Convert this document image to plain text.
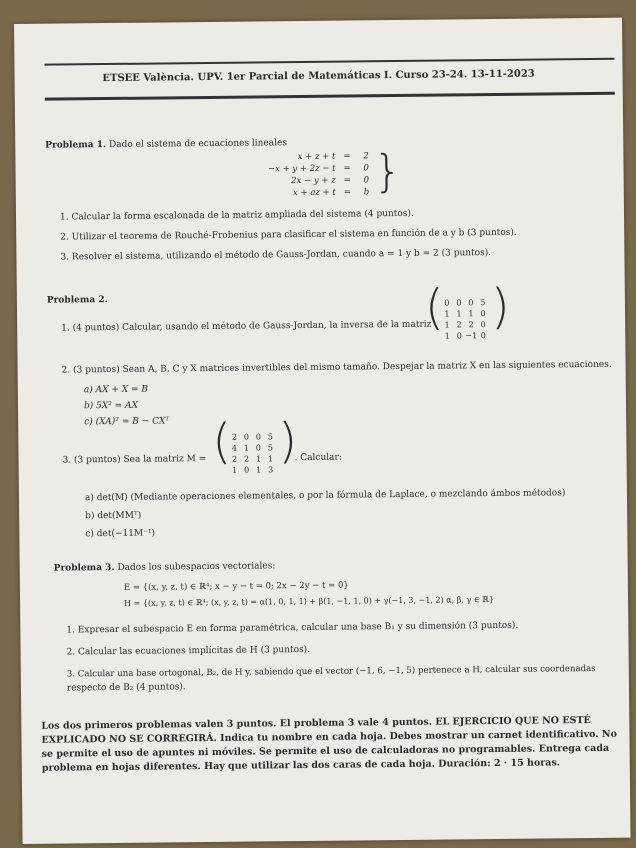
ETSEE València. UPV. 1er Parcial de Matemáticas I. Curso 23-24. 13-11-2023
Problema 1. Dado el sistema de ecuaciones lineales
x + z + t
−x + y + 2z − t
2x − y + z
x + az + t
=
=
=
=
2
0
0
b }
1. Calcular la forma escalonada de la matriz ampliada del sistema (4 puntos).
2. Utilizar el teorema de Rouché-Frobenius para clasificar el sistema en función de a y b (3 puntos).
3. Resolver el sistema, utilizando el método de Gauss-Jordan, cuando a = 1 y b = 2 (3 puntos).
Problema 2.
1. (4 puntos) Calcular, usando el método de Gauss-Jordan, la inversa de la matriz
( 0 0 0 5
1 1 1 0
1 2 2 0
1 0 −1 0
)
2. (3 puntos) Sean A, B, C y X matrices invertibles del mismo tamaño. Despejar la matriz X en las siguientes ecuaciones.
a) AX + X = B
b) 5X² = AX
c) (XA)ᵀ = B − CXᵀ
3. (3 puntos) Sea la matriz M = ( 2 0 0 5
4 1 0 5
2 2 1 1
1 0 1 3
)
. Calcular:
a) det(M) (Mediante operaciones elementales, o por la fórmula de Laplace, o mezclando ámbos métodos)
b) det(MMᵀ)
c) det(−11M⁻¹)
Problema 3. Dados los subespacios vectoriales:
E = {(x, y, z, t) ∈ ℝ⁴; x − y − t = 0; 2x − 2y − t = 0}
H = {(x, y, z, t) ∈ ℝ⁴; (x, y, z, t) = α(1, 0, 1, 1) + β(1, −1, 1, 0) + γ(−1, 3, −1, 2) α, β, γ ∈ ℝ}
1. Expresar el subespacio E en forma paramétrica, calcular una base B₁ y su dimensión (3 puntos).
2. Calcular las ecuaciones implícitas de H (3 puntos).
3. Calcular una base ortogonal, B₂, de H y, sabiendo que el vector (−1, 6, −1, 5) pertenece a H, calcular sus coordenadas
respecto de B₂ (4 puntos).
Los dos primeros problemas valen 3 puntos. El problema 3 vale 4 puntos. EL EJERCICIO QUE NO ESTÉ EXPLICADO NO SE CORREGIRÁ. Indica tu nombre en cada hoja. Debes mostrar un carnet identificativo. No se permite el uso de apuntes ni móviles. Se permite el uso de calculadoras no programables. Entrega cada problema en hojas diferentes. Hay que utilizar las dos caras de cada hoja. Duración: 2 · 15 horas.
